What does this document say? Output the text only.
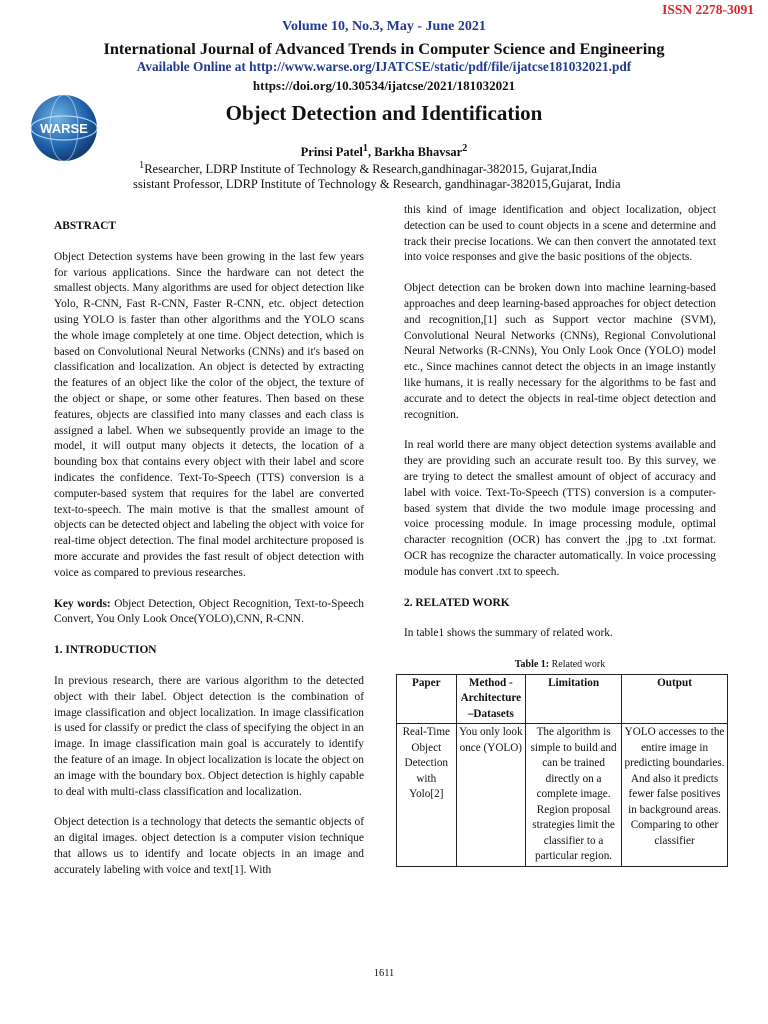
ISSN 2278-3091
Volume 10, No.3, May - June 2021
International Journal of Advanced Trends in Computer Science and Engineering
Available Online at http://www.warse.org/IJATCSE/static/pdf/file/ijatcse181032021.pdf
https://doi.org/10.30534/ijatcse/2021/181032021
WARSE
Object Detection and Identification
Prinsi Patel$^1$, Barkha Bhavsar$^2$
$^1$Researcher, LDRP Institute of Technology & Research,gandhinagar-382015, Gujarat,India
ssistant Professor, LDRP Institute of Technology & Research, gandhinagar-382015,Gujarat, India
ABSTRACT

Object Detection systems have been growing in the last few years for various applications. Since the hardware can not detect the smallest objects. Many algorithms are used for object detection like Yolo, R-CNN, Fast R-CNN, Faster R-CNN, etc. object detection using YOLO is faster than other algorithms and the YOLO scans the whole image completely at one time. Object detection, which is based on Convolutional Neural Networks (CNNs) and it's based on classification and localization. An object is detected by extracting the features of an object like the color of the object, the texture of the object or shape, or some other features. Then based on these features, objects are classified into many classes and each class is assigned a label. When we subsequently provide an image to the model, it will output many objects it detects, the location of a bounding box that contains every object with their label and score indicates the confidence. Text-To-Speech (TTS) conversion is a computer-based system that requires for the label are converted text-to-speech. The main motive is that the smallest amount of objects can be detected object and labeling the object with voice for real-time object detection. The final model architecture proposed is more accurate and provides the fast result of object detection with voice as compared to previous researches.

Key words: Object Detection, Object Recognition, Text-to-Speech Convert, You Only Look Once(YOLO),CNN, R-CNN.

1. INTRODUCTION

In previous research, there are various algorithm to the detected object with their label. Object detection is the combination of image classification and object localization. In image classification is used for classify or predict the class of specifying the object in an image. In image classification main goal is accurately to identify the feature of an image. In object localization is locate the object on an image with the boundary box. Object detection is highly capable to deal with multi-class classification and localization.

Object detection is a technology that detects the semantic objects of an digital images. object detection is a computer vision technique that allows us to identify and locate objects in an image and accurately labeling with voice and text[1]. With

this kind of image identification and object localization, object detection can be used to count objects in a scene and determine and track their precise locations. We can then convert the annotated text into voice responses and give the basic positions of the objects.

Object detection can be broken down into machine learning-based approaches and deep learning-based approaches for object detection and recognition,[1] such as Support vector machine (SVM), Convolutional Neural Networks (CNNs), Regional Convolutional Neural Networks (R-CNNs), You Only Look Once (YOLO) model etc., Since machines cannot detect the objects in an image instantly like humans, it is really necessary for the algorithms to be fast and accurate and to detect the objects in real-time object detection and recognition.

In real world there are many object detection systems available and they are providing such an accurate result too. By this survey, we are trying to detect the smallest amount of object of accuracy and label with voice. Text-To-Speech (TTS) conversion is a computer- based system that divide the two module image processing and voice processing module. In image processing module, optimal character recognition (OCR) has convert the .jpg to .txt format. OCR has recognize the character automatically. In voice processing module has convert .txt to speech.

2. RELATED WORK

In table1 shows the summary of related work.

Table 1: Related work
Paper	Method -Architecture –Datasets	Limitation	Output
Real-Time Object Detection with Yolo[2]	You only look once (YOLO)	The algorithm is simple to build and can be trained directly on a complete image. Region proposal strategies limit the classifier to a particular region.	YOLO accesses to the entire image in predicting boundaries. And also it predicts fewer false positives in background areas. Comparing to other classifier
1611
